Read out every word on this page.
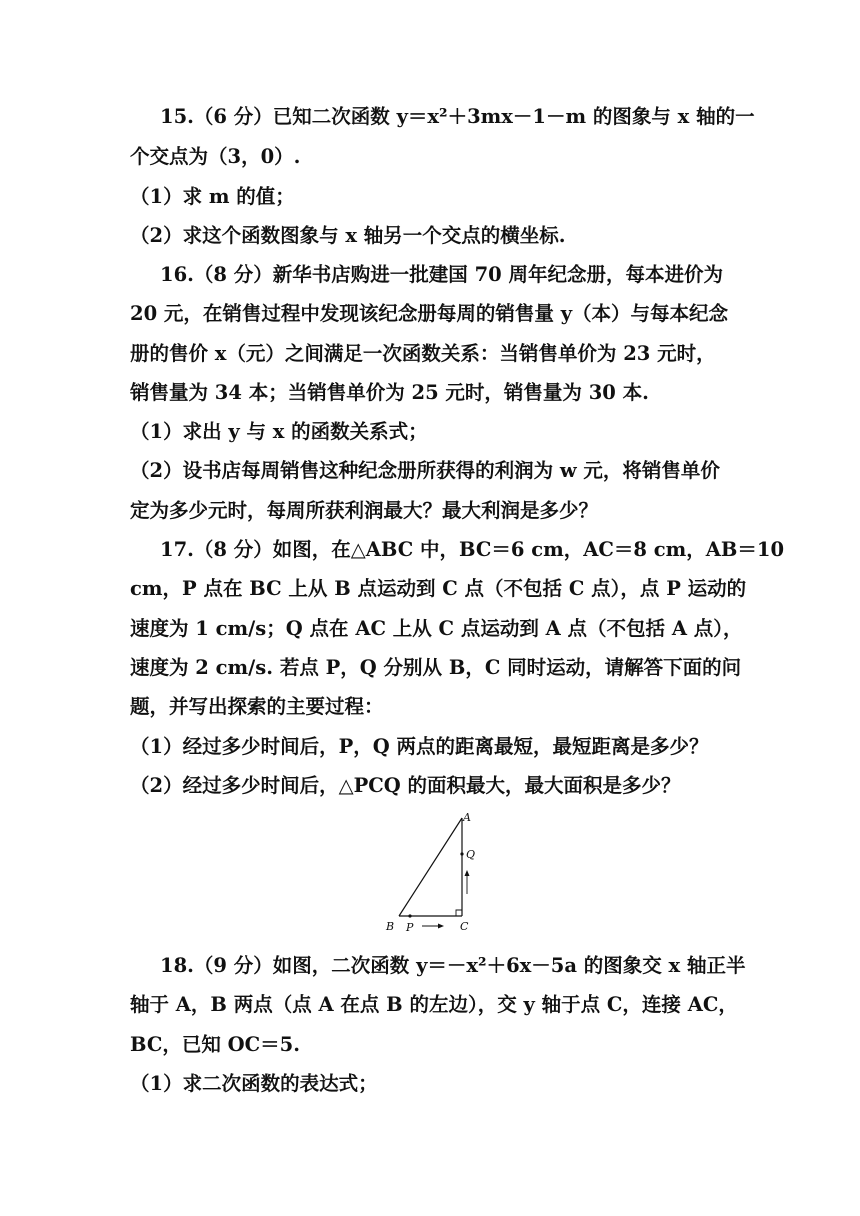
15.（6 分）已知二次函数 y＝x²＋3mx－1－m 的图象与 x 轴的一
个交点为（3，0）.
（1）求 m 的值；
（2）求这个函数图象与 x 轴另一个交点的横坐标.
16.（8 分）新华书店购进一批建国 70 周年纪念册，每本进价为
20 元，在销售过程中发现该纪念册每周的销售量 y（本）与每本纪念
册的售价 x（元）之间满足一次函数关系：当销售单价为 23 元时，
销售量为 34 本；当销售单价为 25 元时，销售量为 30 本.
（1）求出 y 与 x 的函数关系式；
（2）设书店每周销售这种纪念册所获得的利润为 w 元，将销售单价
定为多少元时，每周所获利润最大？最大利润是多少？
17.（8 分）如图，在△ABC 中，BC＝6 cm，AC＝8 cm，AB＝10
cm，P 点在 BC 上从 B 点运动到 C 点（不包括 C 点），点 P 运动的
速度为 1 cm/s；Q 点在 AC 上从 C 点运动到 A 点（不包括 A 点），
速度为 2 cm/s. 若点 P，Q 分别从 B，C 同时运动，请解答下面的问
题，并写出探索的主要过程：
（1）经过多少时间后，P，Q 两点的距离最短，最短距离是多少？
（2）经过多少时间后，△PCQ 的面积最大，最大面积是多少？
A
Q
B P	C
18.（9 分）如图，二次函数 y＝－x²＋6x－5a 的图象交 x 轴正半
轴于 A，B 两点（点 A 在点 B 的左边），交 y 轴于点 C，连接 AC，
BC，已知 OC＝5.
（1）求二次函数的表达式；
